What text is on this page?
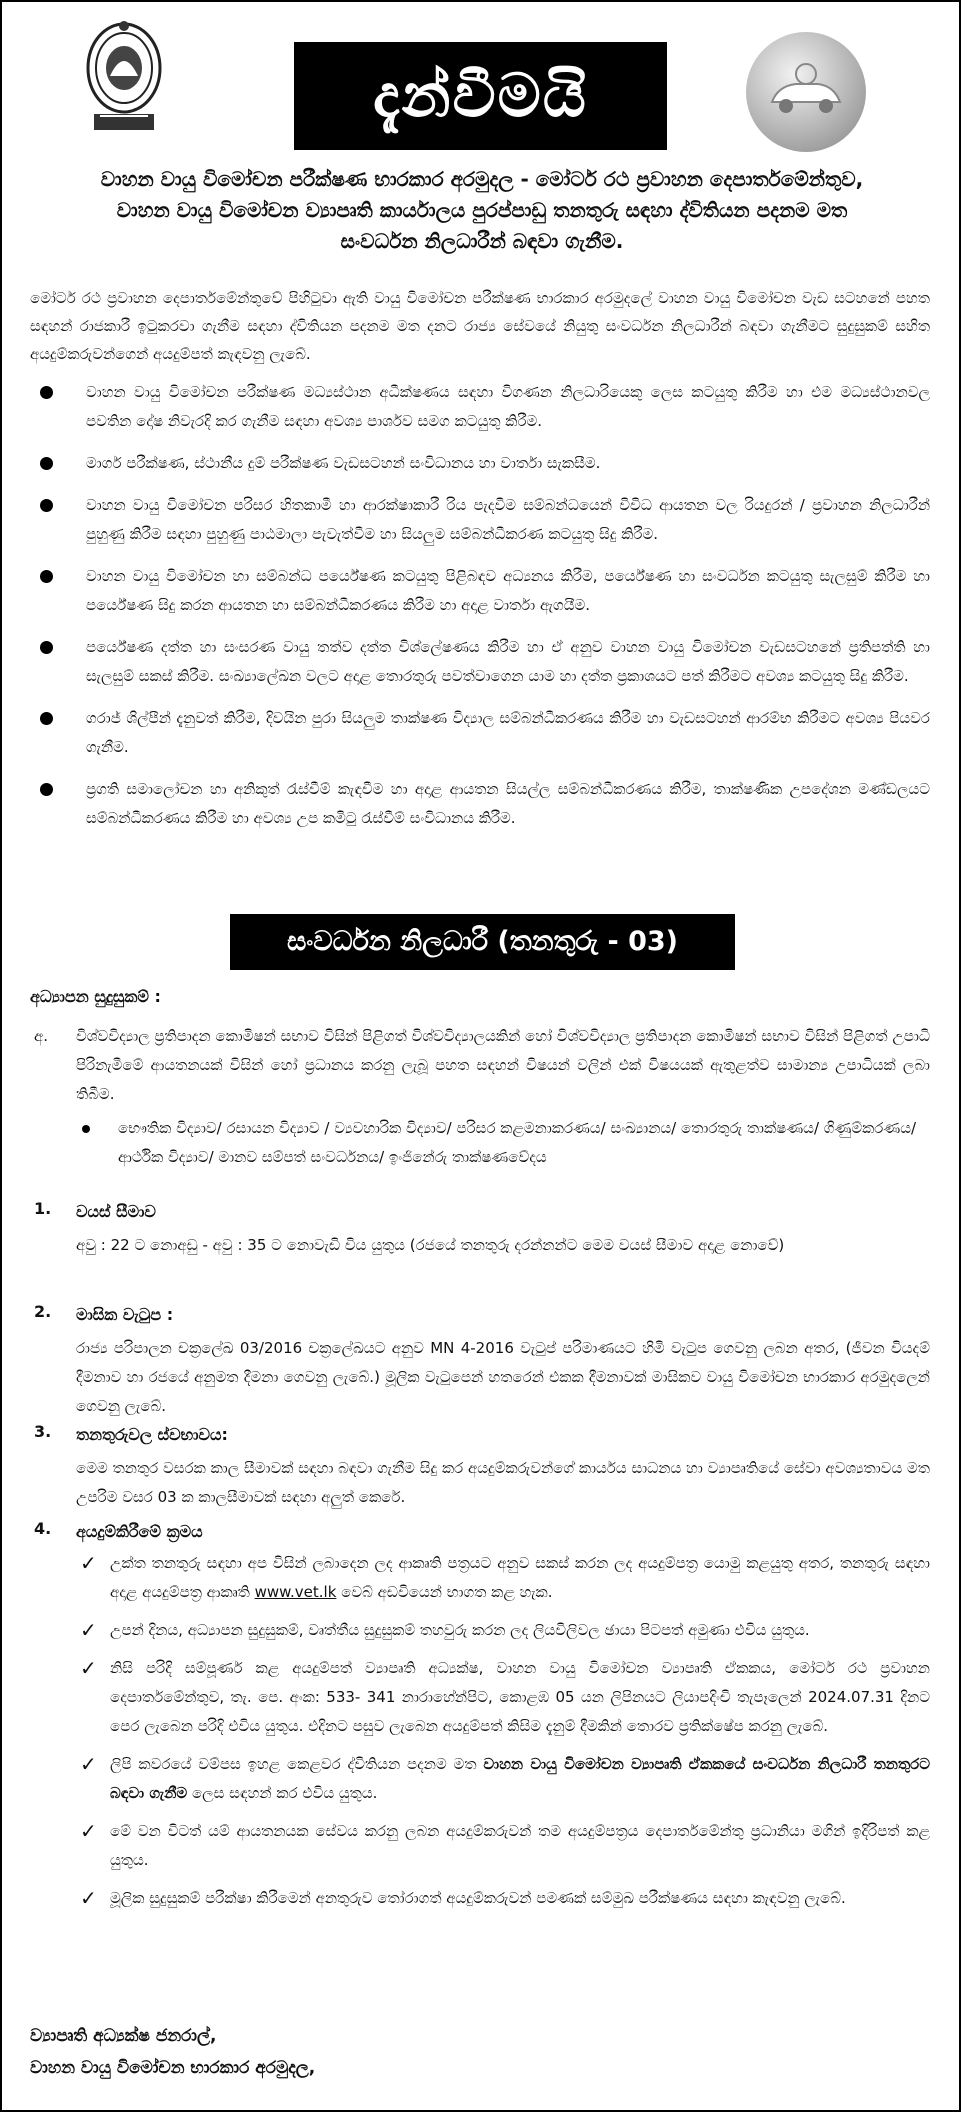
දැන්වීමයි
වාහන වායු විමෝචන පරීක්ෂණ භාරකාර අරමුදල - මෝටර් රථ ප්‍රවාහන දෙපාර්තමේන්තුව,
වාහන වායු විමෝචන ව්‍යාපෘති කාර්යාලය පුරප්පාඩු තනතුරු සඳහා ද්විතියන පදනම මත
සංවර්ධන නිලධාරීන් බඳවා ගැනීම.
මෝටර් රථ ප්‍රවාහන දෙපාර්තමේන්තුවේ පිහිටුවා ඇති වායු විමෝචන පරීක්ෂණ භාරකාර අරමුදලේ වාහන වායු විමෝචන වැඩ සටහනේ පහත සඳහන් රාජකාරී ඉටුකරවා ගැනීම සඳහා ද්විතියන පදනම මත දනට රාජ්‍ය සේවයේ නියුතු සංවර්ධන නිලධාරීන් බඳවා ගැනීමට සුදුසුකම් සහිත අයදුම්කරුවන්ගෙන් අයදුම්පත් කැඳවනු ලැබේ.
වාහන වායු විමෝචන පරීක්ෂණ මධ්‍යස්ථාන අධීක්ෂණය සඳහා විගණන නිලධාරියෙකු ලෙස කටයුතු කිරීම හා එම මධ්‍යස්ථානවල පවතින දෝෂ නිවැරදි කර ගැනීම සඳහා අවශ්‍ය පාර්ශව සමග කටයුතු කිරීම.
මාර්ග පරීක්ෂණ, ස්ථානීය දුම් පරීක්ෂණ වැඩසටහන් සංවිධානය හා වාර්තා සැකසීම.
වාහන වායු විමෝචන පරිසර හිතකාමී හා ආරක්ෂාකාරී රිය පැදවීම සම්බන්ධයෙන් විවිධ ආයතන වල රියදුරන් / ප්‍රවාහන නිලධාරීන් පුහුණු කිරීම සඳහා පුහුණු පාඨමාලා පැවැත්වීම හා සියලුම සම්බන්ධීකරණ කටයුතු සිදු කිරීම.
වාහන වායු විමෝචන හා සම්බන්ධ පර්යේෂණ කටයුතු පිළිබඳව අධ්‍යනය කිරීම, පර්යේෂණ හා සංවර්ධන කටයුතු සැලසුම් කිරීම හා පර්යේෂණ සිදු කරන ආයතන හා සම්බන්ධීකරණය කිරීම හා අදාළ වාර්තා ඇගයීම.
පර්යේෂණ දත්ත හා සංසරණ වායු තත්ව දත්ත විශ්ලේෂණය කිරීම හා ඒ අනුව වාහන වායු විමෝචන වැඩසටහනේ ප්‍රතිපත්ති හා සැලසුම් සකස් කිරීම. සංඛ්‍යාලේඛන වලට අදාළ තොරතුරු පවත්වාගෙන යාම හා දත්ත ප්‍රකාශයට පත් කිරීමට අවශ්‍ය කටයුතු සිදු කිරීම.
ගරාජ් ශිල්පීන් දැනුවත් කිරීම, දිවයින පුරා සියලුම තාක්ෂණ විද්‍යාල සම්බන්ධීකරණය කිරීම හා වැඩසටහන් ආරම්භ කිරීමට අවශ්‍ය පියවර ගැනීම.
ප්‍රගති සමාලෝචන හා අනිකුත් රැස්වීම් කැඳවීම හා අදාළ ආයතන සියල්ල සම්බන්ධීකරණය කිරීම, තාක්ෂණික උපදේශන මණ්ඩලයට සම්බන්ධීකරණය කිරීම හා අවශ්‍ය උප කමිටු රැස්වීම් සංවිධානය කිරීම.
සංවර්ධන නිලධාරී (තනතුරු - 03)
අධ්‍යාපන සුදුසුකම් :
අ. විශ්වවිද්‍යාල ප්‍රතිපාදන කොමිෂන් සභාව විසින් පිළිගත් විශ්වවිද්‍යාලයකින් හෝ විශ්වවිද්‍යාල ප්‍රතිපාදන කොමිෂන් සභාව විසින් පිළිගත් උපාධි පිරිනැමීමේ ආයතනයක් විසින් හෝ ප්‍රධානය කරනු ලැබූ පහත සඳහන් විෂයන් වලින් එක් විෂයයක් ඇතුළත්ව සාමාන්‍ය උපාධියක් ලබා තිබීම.
භෞතික විද්‍යාව/ රසායන විද්‍යාව / ව්‍යවහාරික විද්‍යාව/ පරිසර කළමනාකරණය/ සංඛ්‍යානය/ තොරතුරු තාක්ෂණය/ ගිණුම්කරණය/ ආර්ථික විද්‍යාව/ මානව සම්පත් සංවර්ධනය/ ඉංජිනේරු තාක්ෂණවේදය
1. වයස් සීමාව
අවු : 22 ට නොඅඩු - අවු : 35 ට නොවැඩි විය යුතුය (රජයේ තනතුරු දරන්නන්ට මෙම වයස් සීමාව අදාළ නොවේ)
2. මාසික වැටුප :
රාජ්‍ය පරිපාලන චක්‍රලේඛ 03/2016 චක්‍රලේඛයට අනුව MN 4-2016 වැටුප් පරිමාණයට හිමි වැටුප ගෙවනු ලබන අතර, (ජීවන වියදම් දීමනාව හා රජයේ අනුමත දීමනා ගෙවනු ලැබේ.) මූලික වැටුපෙන් හතරෙන් එකක දීමනාවක් මාසිකව වායු විමෝචන භාරකාර අරමුදලෙන් ගෙවනු ලැබේ.
3. තනතුරුවල ස්වභාවය:
මෙම තනතුර වසරක කාල සීමාවක් සඳහා බඳවා ගැනීම සිදු කර අයදුම්කරුවන්ගේ කාර්යය සාධනය හා ව්‍යාපෘතියේ සේවා අවශ්‍යතාවය මත උපරිම වසර 03 ක කාලසීමාවක් සඳහා අලුත් කෙරේ.
4. අයදුම්කිරීමේ ක්‍රමය
✓ උක්ත තනතුරු සඳහා අප විසින් ලබාදෙන ලද ආකෘති පත්‍රයට අනුව සකස් කරන ලද අයදුම්පත්‍ර යොමු කළයුතු අතර, තනතුරු සඳහා අදාළ අයදුම්පත්‍ර ආකෘති www.vet.lk වෙබ් අඩවියෙන් භාගත කළ හැක.
✓ උපන් දිනය, අධ්‍යාපන සුදුසුකම්, වෘත්තීය සුදුසුකම් තහවුරු කරන ලද ලියවිලිවල ඡායා පිටපත් අමුණා එවිය යුතුය.
✓ නිසි පරිදි සම්පූර්ණ කළ අයදුම්පත් ව්‍යාපෘති අධ්‍යක්ෂ, වාහන වායු විමෝචන ව්‍යාපෘති ඒකකය, මෝටර් රථ ප්‍රවාහන දෙපාර්තමේන්තුව, තැ. පෙ. අංක: 533- 341 නාරාහේන්පිට, කොළඹ 05 යන ලිපිනයට ලියාපදිංචි තැපෑලෙන් 2024.07.31 දිනට පෙර ලැබෙන පරිදි එවිය යුතුය. එදිනට පසුව ලැබෙන අයදුම්පත් කිසිම දැනුම් දීමකින් තොරව ප්‍රතික්ෂේප කරනු ලැබේ.
✓ ලිපි කවරයේ වම්පස ඉහළ කෙළවර ද්විතියන පදනම මත වාහන වායු විමෝචන ව්‍යාපෘති ඒකකයේ සංවර්ධන නිලධාරී තනතුරට බඳවා ගැනීම ලෙස සඳහන් කර එවිය යුතුය.
✓ මේ වන විටත් යම් ආයතනයක සේවය කරනු ලබන අයදුම්කරුවන් තම අයදුම්පත්‍රය දෙපාර්තමේන්තු ප්‍රධානියා මගින් ඉදිරිපත් කළ යුතුය.
✓ මූලික සුදුසුකම් පරීක්ෂා කිරීමෙන් අනතුරුව තෝරාගත් අයදුම්කරුවන් පමණක් සම්මුඛ පරීක්ෂණය සඳහා කැඳවනු ලැබේ.
ව්‍යාපෘති අධ්‍යක්ෂ ජනරාල්,
වාහන වායු විමෝචන භාරකාර අරමුදල,
